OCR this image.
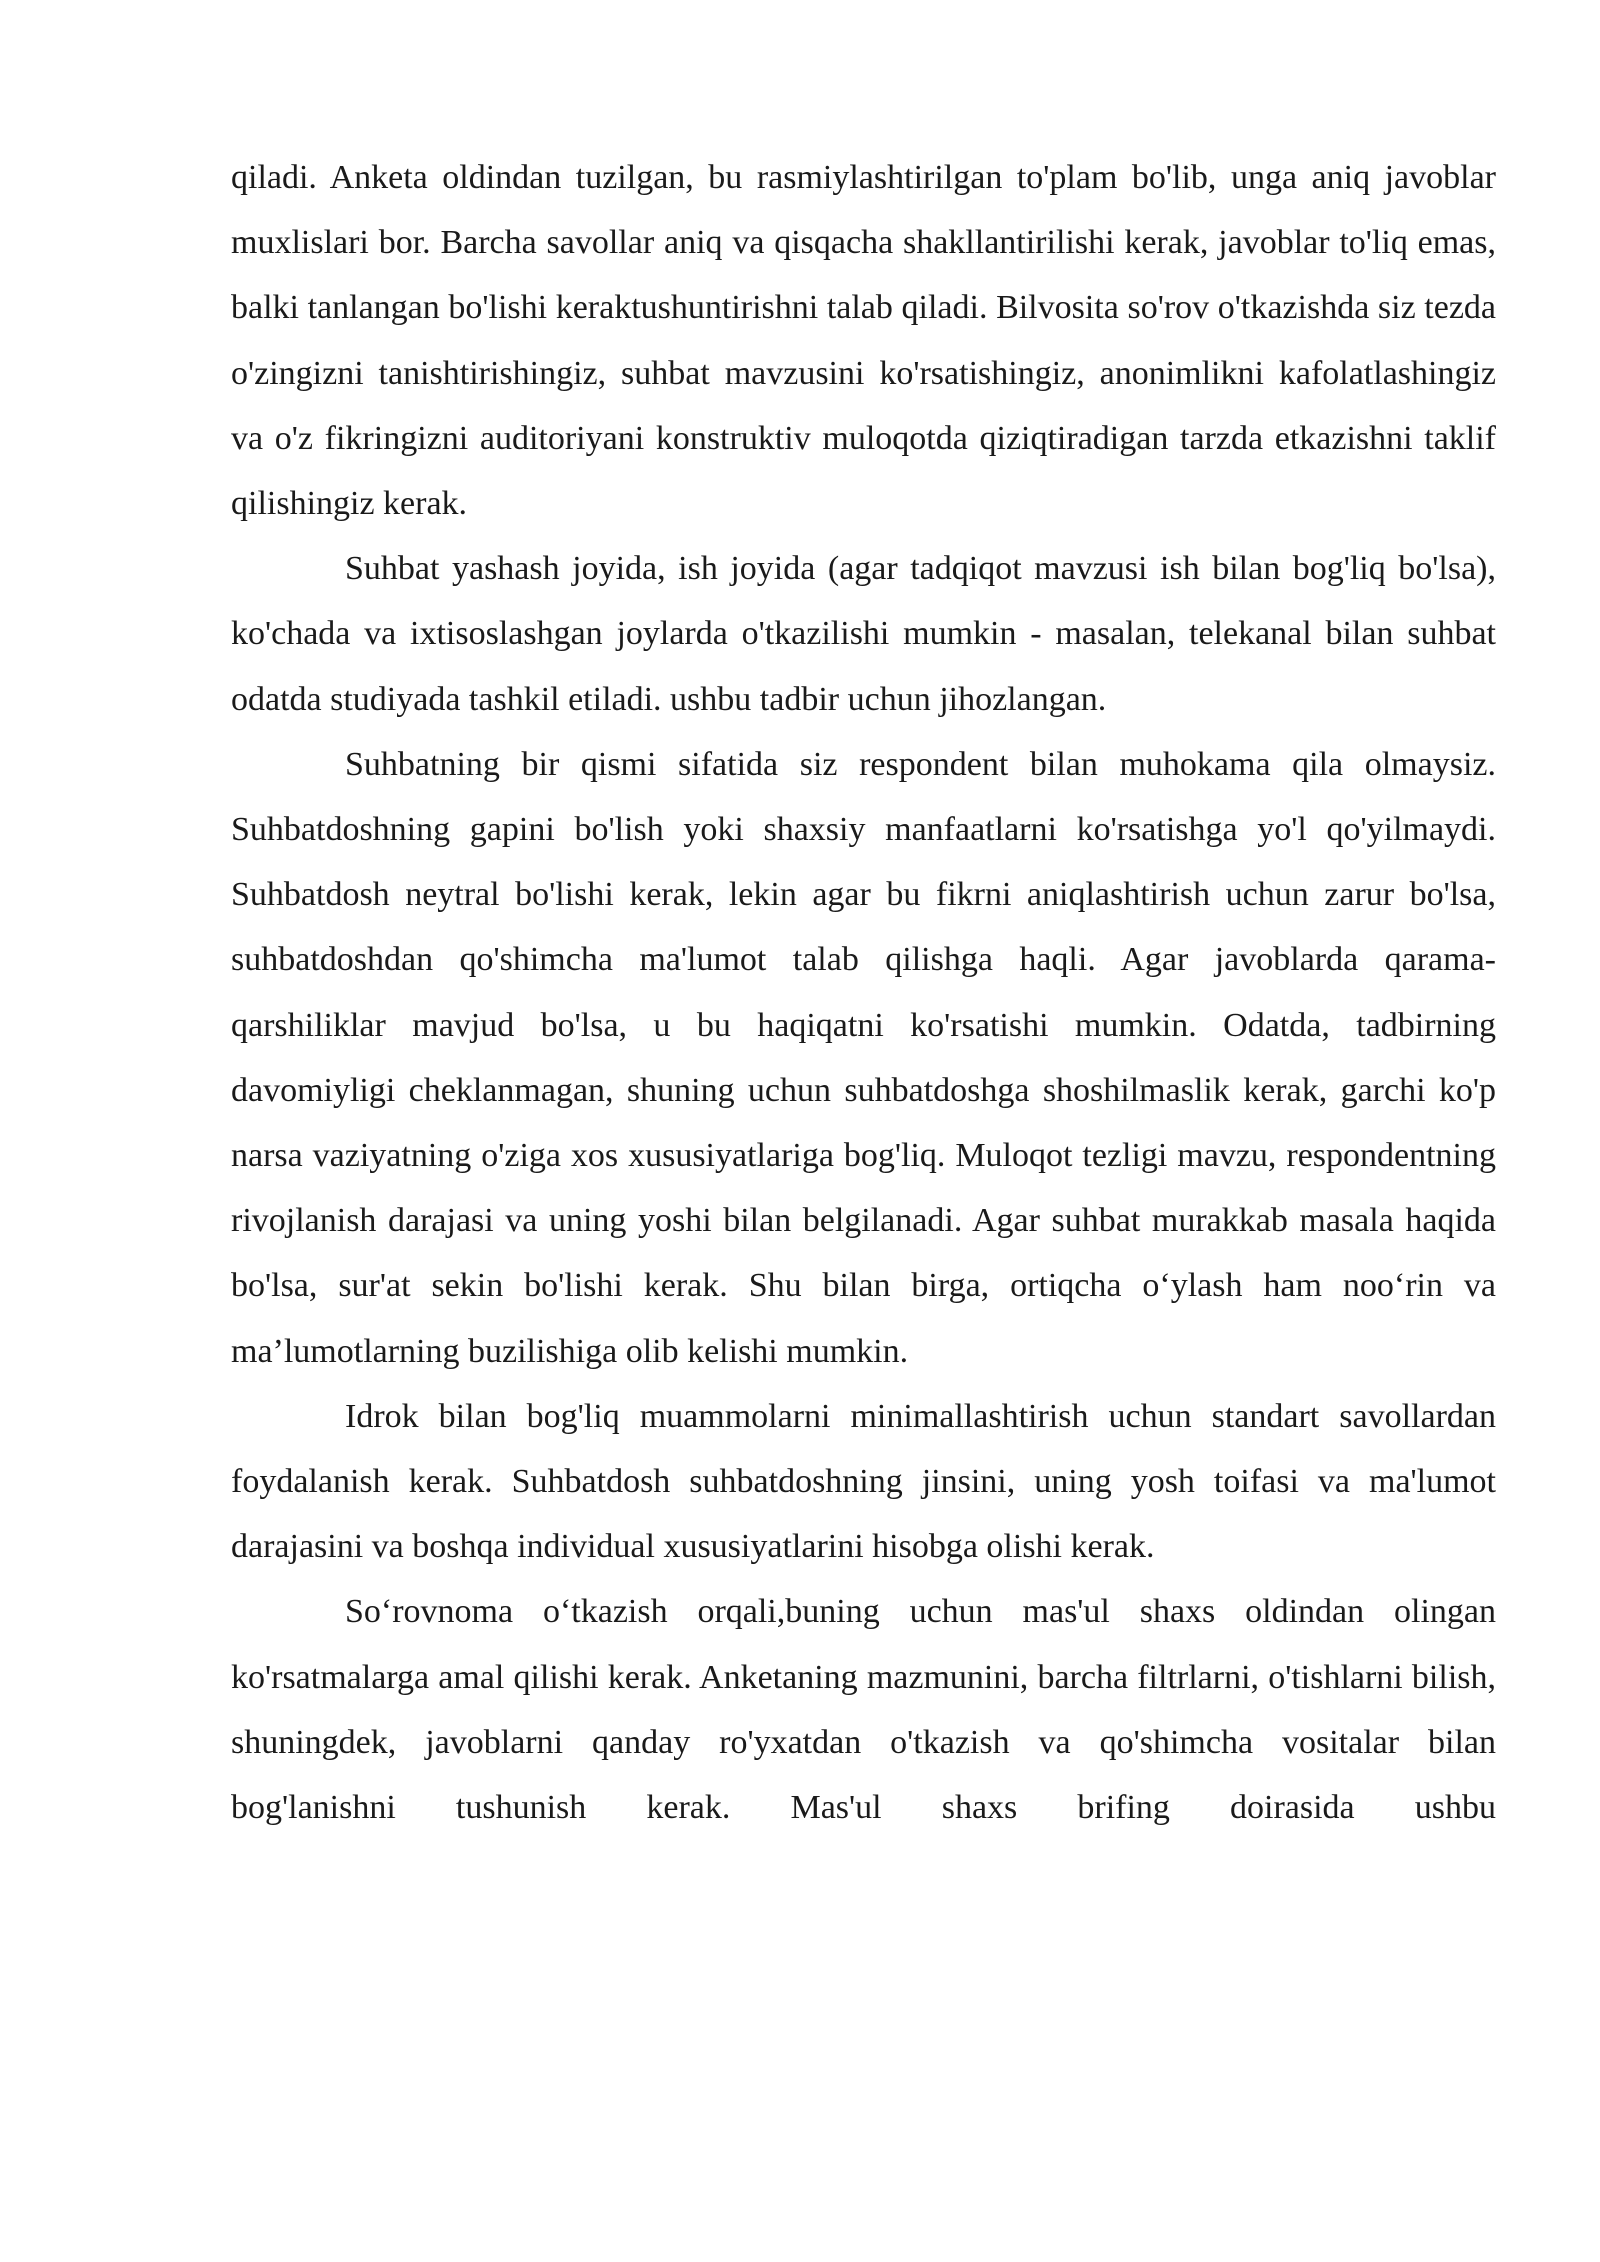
qiladi. Anketa oldindan tuzilgan, bu rasmiylashtirilgan to'plam bo'lib, unga aniq javoblar muxlislari bor. Barcha savollar aniq va qisqacha shakllantirilishi kerak, javoblar to'liq emas, balki tanlangan bo'lishi keraktushuntirishni talab qiladi. Bilvosita so'rov o'tkazishda siz tezda o'zingizni tanishtirishingiz, suhbat mavzusini ko'rsatishingiz, anonimlikni kafolatlashingiz va o'z fikringizni auditoriyani konstruktiv muloqotda qiziqtiradigan tarzda etkazishni taklif qilishingiz kerak.

Suhbat yashash joyida, ish joyida (agar tadqiqot mavzusi ish bilan bog'liq bo'lsa), ko'chada va ixtisoslashgan joylarda o'tkazilishi mumkin - masalan, telekanal bilan suhbat odatda studiyada tashkil etiladi. ushbu tadbir uchun jihozlangan.

Suhbatning bir qismi sifatida siz respondent bilan muhokama qila olmaysiz. Suhbatdoshning gapini bo'lish yoki shaxsiy manfaatlarni ko'rsatishga yo'l qo'yilmaydi. Suhbatdosh neytral bo'lishi kerak, lekin agar bu fikrni aniqlashtirish uchun zarur bo'lsa, suhbatdoshdan qo'shimcha ma'lumot talab qilishga haqli. Agar javoblarda qarama-qarshiliklar mavjud bo'lsa, u bu haqiqatni ko'rsatishi mumkin. Odatda, tadbirning davomiyligi cheklanmagan, shuning uchun suhbatdoshga shoshilmaslik kerak, garchi ko'p narsa vaziyatning o'ziga xos xususiyatlariga bog'liq. Muloqot tezligi mavzu, respondentning rivojlanish darajasi va uning yoshi bilan belgilanadi. Agar suhbat murakkab masala haqida bo'lsa, sur'at sekin bo'lishi kerak. Shu bilan birga, ortiqcha o‘ylash ham noo‘rin va ma’lumotlarning buzilishiga olib kelishi mumkin.

Idrok bilan bog'liq muammolarni minimallashtirish uchun standart savollardan foydalanish kerak. Suhbatdosh suhbatdoshning jinsini, uning yosh toifasi va ma'lumot darajasini va boshqa individual xususiyatlarini hisobga olishi kerak.

So‘rovnoma o‘tkazish orqali,buning uchun mas'ul shaxs oldindan olingan ko'rsatmalarga amal qilishi kerak. Anketaning mazmunini, barcha filtrlarni, o'tishlarni bilish, shuningdek, javoblarni qanday ro'yxatdan o'tkazish va qo'shimcha vositalar bilan bog'lanishni tushunish kerak. Mas'ul shaxs brifing doirasida ushbu
